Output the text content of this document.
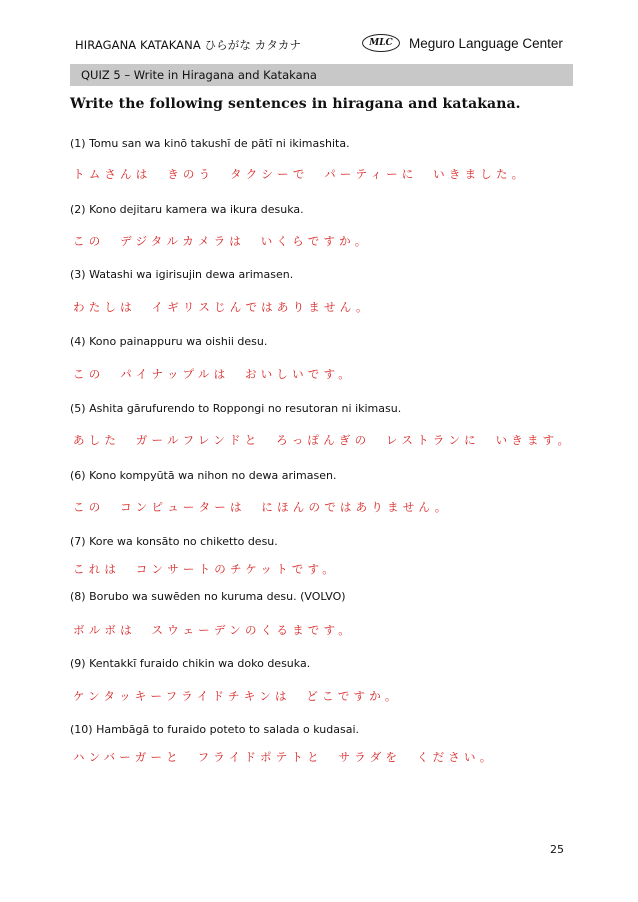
HIRAGANA KATAKANA ひらがな カタカナ	MLC	Meguro Language Center
QUIZ 5 – Write in Hiragana and Katakana
Write the following sentences in hiragana and katakana.
(1) Tomu san wa kinō takushī de pātī ni ikimashita.
トムさんは　きのう　タクシーで　パーティーに　いきました。
(2) Kono dejitaru kamera wa ikura desuka.
この　デジタルカメラは　いくらですか。
(3) Watashi wa igirisujin dewa arimasen.
わたしは　イギリスじんではありません。
(4) Kono painappuru wa oishii desu.
この　パイナップルは　おいしいです。
(5) Ashita gārufurendo to Roppongi no resutoran ni ikimasu.
あした　ガールフレンドと　ろっぽんぎの　レストランに　いきます。
(6) Kono kompyūtā wa nihon no dewa arimasen.
この　コンピューターは　にほんのではありません。
(7) Kore wa konsāto no chiketto desu.
これは　コンサートのチケットです。
(8) Borubo wa suwēden no kuruma desu. (VOLVO)
ボルボは　スウェーデンのくるまです。
(9) Kentakkī furaido chikin wa doko desuka.
ケンタッキーフライドチキンは　どこですか。
(10) Hambāgā to furaido poteto to salada o kudasai.
ハンバーガーと　フライドポテトと　サラダを　ください。
25
